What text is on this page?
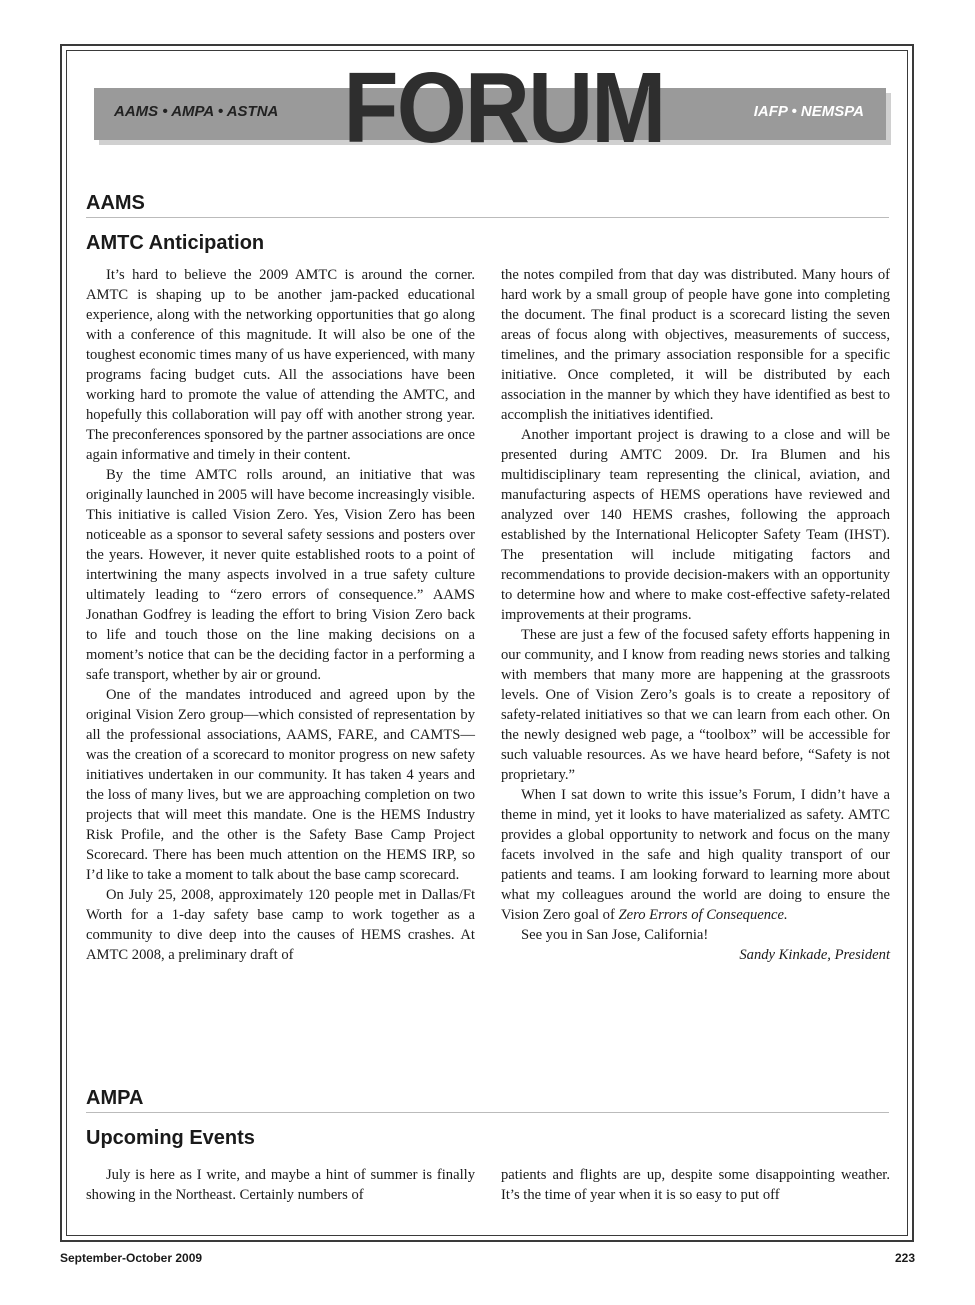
AAMS • AMPA • ASTNA	IAFP • NEMSPA
FORUM
AAMS
AMTC Anticipation

It’s hard to believe the 2009 AMTC is around the corner. AMTC is shaping up to be another jam-packed educational experience, along with the networking opportunities that go along with a conference of this magnitude. It will also be one of the toughest economic times many of us have experienced, with many programs facing budget cuts. All the associations have been working hard to promote the value of attending the AMTC, and hopefully this collaboration will pay off with another strong year. The preconferences sponsored by the partner associations are once again informative and timely in their content.

By the time AMTC rolls around, an initiative that was originally launched in 2005 will have become increasingly visible. This initiative is called Vision Zero. Yes, Vision Zero has been noticeable as a sponsor to several safety sessions and posters over the years. However, it never quite established roots to a point of intertwining the many aspects involved in a true safety culture ultimately leading to “zero errors of consequence.” AAMS Jonathan Godfrey is leading the effort to bring Vision Zero back to life and touch those on the line making decisions on a moment’s notice that can be the deciding factor in a performing a safe transport, whether by air or ground.

One of the mandates introduced and agreed upon by the original Vision Zero group—which consisted of representation by all the professional associations, AAMS, FARE, and CAMTS—was the creation of a scorecard to monitor progress on new safety initiatives undertaken in our community. It has taken 4 years and the loss of many lives, but we are approaching completion on two projects that will meet this mandate. One is the HEMS Industry Risk Profile, and the other is the Safety Base Camp Project Scorecard. There has been much attention on the HEMS IRP, so I’d like to take a moment to talk about the base camp scorecard.

On July 25, 2008, approximately 120 people met in Dallas/Ft Worth for a 1-day safety base camp to work together as a community to dive deep into the causes of HEMS crashes. At AMTC 2008, a preliminary draft of

the notes compiled from that day was distributed. Many hours of hard work by a small group of people have gone into completing the document. The final product is a scorecard listing the seven areas of focus along with objectives, measurements of success, timelines, and the primary association responsible for a specific initiative. Once completed, it will be distributed by each association in the manner by which they have identified as best to accomplish the initiatives identified.

Another important project is drawing to a close and will be presented during AMTC 2009. Dr. Ira Blumen and his multidisciplinary team representing the clinical, aviation, and manufacturing aspects of HEMS operations have reviewed and analyzed over 140 HEMS crashes, following the approach established by the International Helicopter Safety Team (IHST). The presentation will include mitigating factors and recommendations to provide decision-makers with an opportunity to determine how and where to make cost-effective safety-related improvements at their programs.

These are just a few of the focused safety efforts happening in our community, and I know from reading news stories and talking with members that many more are happening at the grassroots levels. One of Vision Zero’s goals is to create a repository of safety-related initiatives so that we can learn from each other. On the newly designed web page, a “toolbox” will be accessible for such valuable resources. As we have heard before, “Safety is not proprietary.”

When I sat down to write this issue’s Forum, I didn’t have a theme in mind, yet it looks to have materialized as safety. AMTC provides a global opportunity to network and focus on the many facets involved in the safe and high quality transport of our patients and teams. I am looking forward to learning more about what my colleagues around the world are doing to ensure the Vision Zero goal of Zero Errors of Consequence.

See you in San Jose, California!

Sandy Kinkade, President
AMPA
Upcoming Events

July is here as I write, and maybe a hint of summer is finally showing in the Northeast. Certainly numbers of

patients and flights are up, despite some disappointing weather. It’s the time of year when it is so easy to put off

September-October 2009	223
